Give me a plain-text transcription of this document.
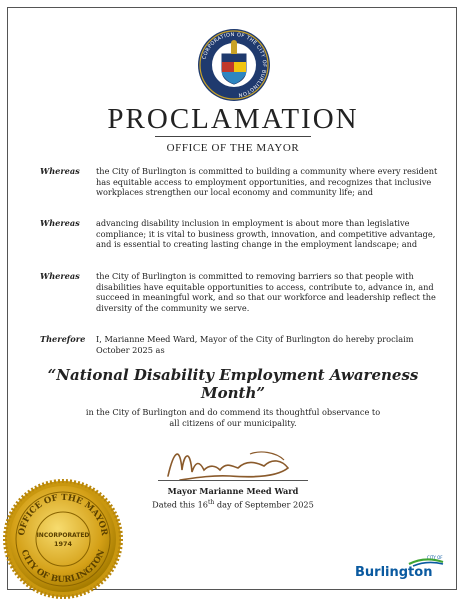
CORPORATION OF THE CITY OF BURLINGTON
PROCLAMATION
OFFICE OF THE MAYOR
Whereas	the City of Burlington is committed to building a community where every resident has equitable access to employment opportunities, and recognizes that inclusive workplaces strengthen our local economy and community life; and
Whereas	advancing disability inclusion in employment is about more than legislative compliance; it is vital to business growth, innovation, and competitive advantage, and is essential to creating lasting change in the employment landscape; and
Whereas	the City of Burlington is committed to removing barriers so that people with disabilities have equitable opportunities to access, contribute to, advance in, and succeed in meaningful work, and so that our workforce and leadership reflect the diversity of the community we serve.
Therefore	I, Marianne Meed Ward, Mayor of the City of Burlington do hereby proclaim   October 2025 as
“National Disability Employment Awareness Month”
in the City of Burlington and do commend its thoughtful observance to all citizens of our municipality.
Mayor Marianne Meed Ward
Dated this 16th day of September 2025
OFFICE OF THE MAYOR
CITY OF BURLINGTON
INCORPORATED
1974
CITY OF
Burlington
